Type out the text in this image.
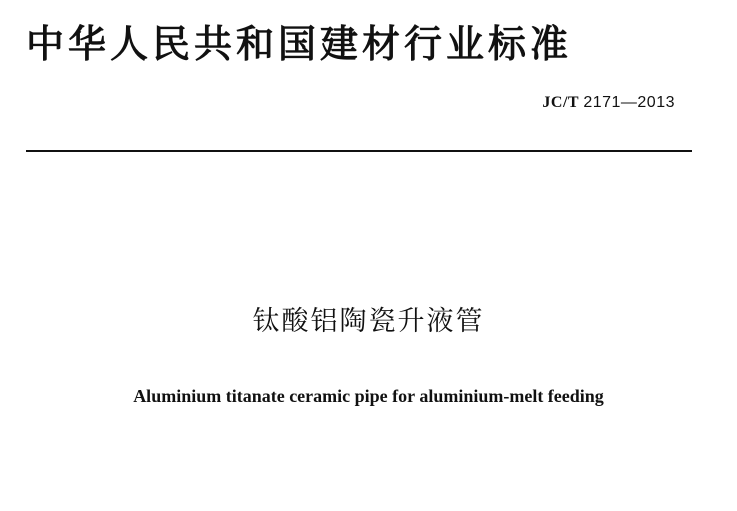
中华人民共和国建材行业标准
JC/T 2171—2013
钛酸铝陶瓷升液管
Aluminium titanate ceramic pipe for aluminium-melt feeding
